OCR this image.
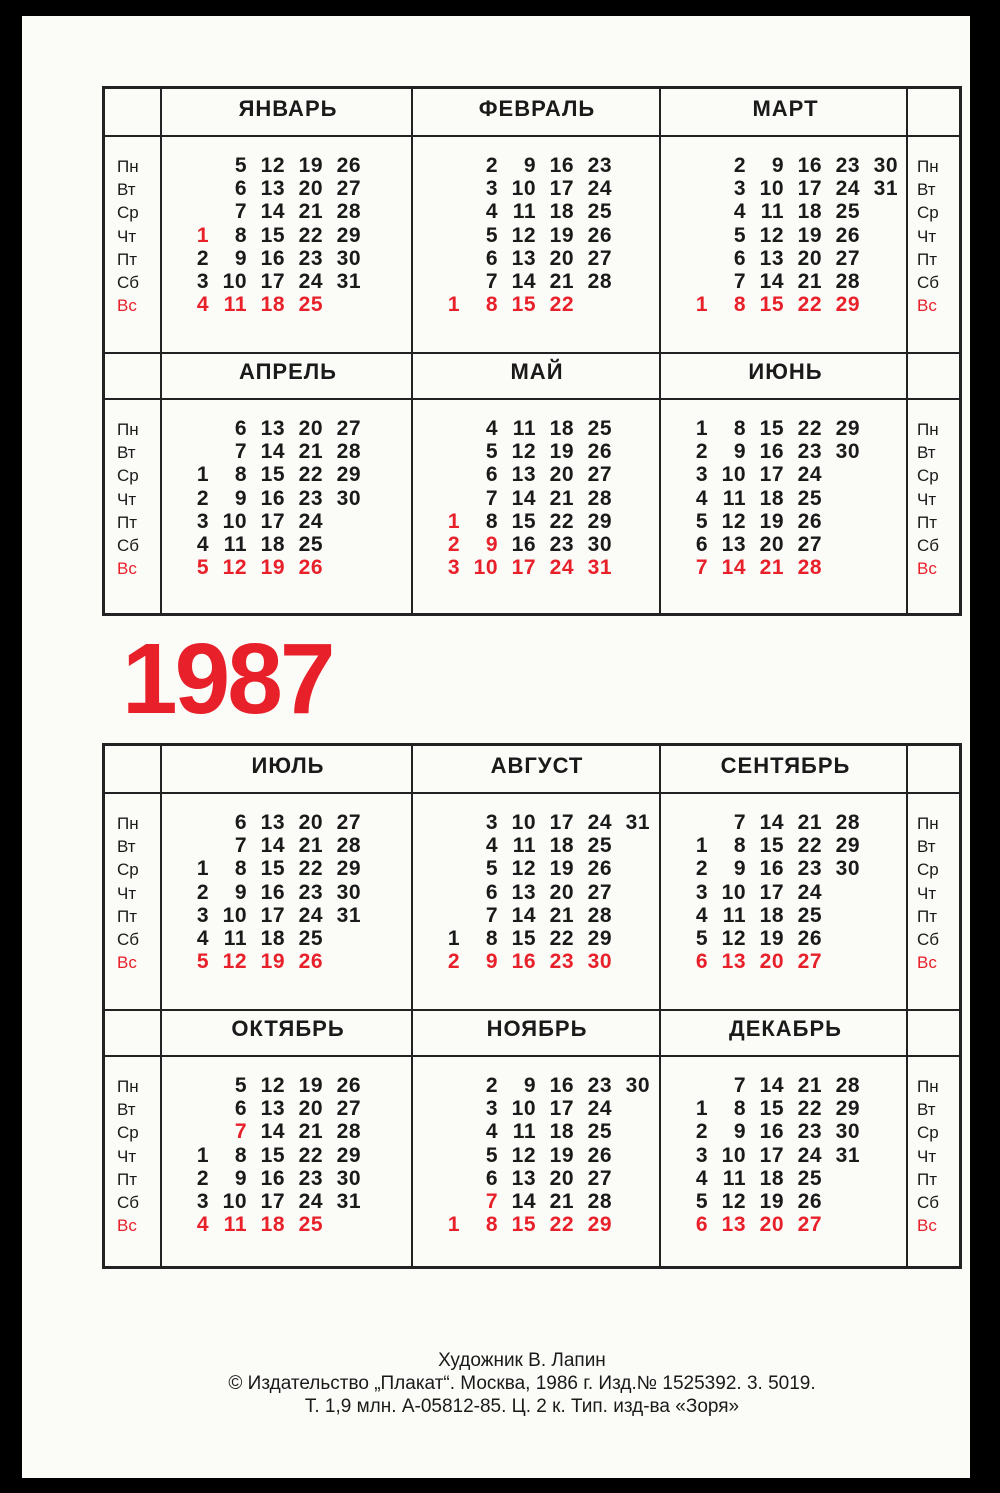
Пн
Вт
Ср
Чт
Пт
Сб
Вс
Пн
Вт
Ср
Чт
Пт
Сб
Вс
ЯНВАРЬ
1
2
3
4
5
6
7
8
9
10
11
12
13
14
15
16
17
18
19
20
21
22
23
24
25
26
27
28
29
30
31
ФЕВРАЛЬ
1
2
3
4
5
6
7
8
9
10
11
12
13
14
15
16
17
18
19
20
21
22
23
24
25
26
27
28
МАРТ
1
2
3
4
5
6
7
8
9
10
11
12
13
14
15
16
17
18
19
20
21
22
23
24
25
26
27
28
29
30
31
Пн
Вт
Ср
Чт
Пт
Сб
Вс
Пн
Вт
Ср
Чт
Пт
Сб
Вс
АПРЕЛЬ
1
2
3
4
5
6
7
8
9
10
11
12
13
14
15
16
17
18
19
20
21
22
23
24
25
26
27
28
29
30
МАЙ
1
2
3
4
5
6
7
8
9
10
11
12
13
14
15
16
17
18
19
20
21
22
23
24
25
26
27
28
29
30
31
ИЮНЬ
1
2
3
4
5
6
7
8
9
10
11
12
13
14
15
16
17
18
19
20
21
22
23
24
25
26
27
28
29
30
1987
Пн
Вт
Ср
Чт
Пт
Сб
Вс
Пн
Вт
Ср
Чт
Пт
Сб
Вс
ИЮЛЬ
1
2
3
4
5
6
7
8
9
10
11
12
13
14
15
16
17
18
19
20
21
22
23
24
25
26
27
28
29
30
31
АВГУСТ
1
2
3
4
5
6
7
8
9
10
11
12
13
14
15
16
17
18
19
20
21
22
23
24
25
26
27
28
29
30
31
СЕНТЯБРЬ
1
2
3
4
5
6
7
8
9
10
11
12
13
14
15
16
17
18
19
20
21
22
23
24
25
26
27
28
29
30
Пн
Вт
Ср
Чт
Пт
Сб
Вс
Пн
Вт
Ср
Чт
Пт
Сб
Вс
ОКТЯБРЬ
1
2
3
4
5
6
7
8
9
10
11
12
13
14
15
16
17
18
19
20
21
22
23
24
25
26
27
28
29
30
31
НОЯБРЬ
1
2
3
4
5
6
7
8
9
10
11
12
13
14
15
16
17
18
19
20
21
22
23
24
25
26
27
28
29
30
ДЕКАБРЬ
1
2
3
4
5
6
7
8
9
10
11
12
13
14
15
16
17
18
19
20
21
22
23
24
25
26
27
28
29
30
31
Художник В. Лапин
© Издательство „Плакат“. Москва, 1986 г. Изд.№ 1525392. 3. 5019.
Т. 1,9 млн. А-05812-85. Ц. 2 к. Тип. изд-ва «Зоря»
